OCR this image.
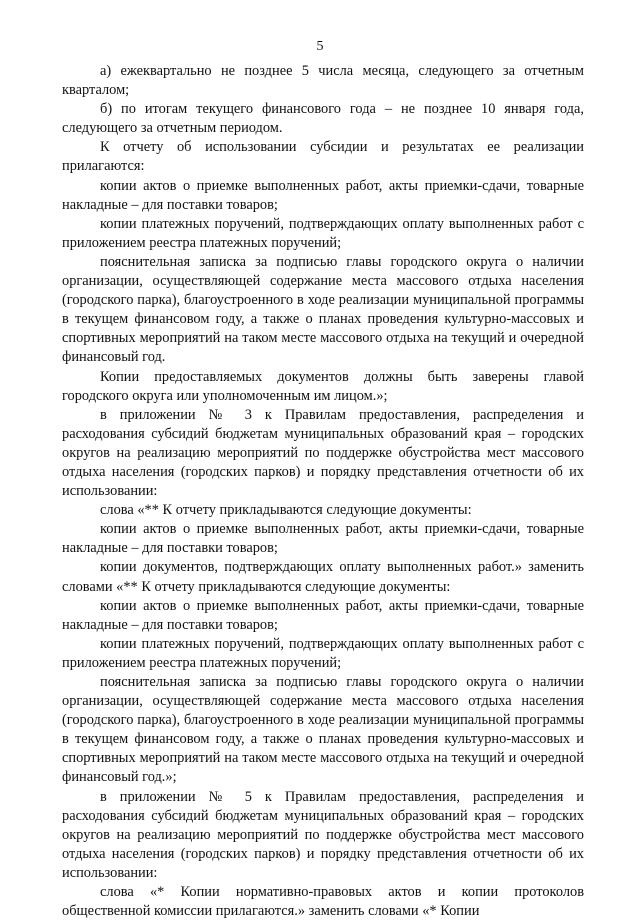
5

а) ежеквартально не позднее 5 числа месяца, следующего за отчетным кварталом;

б) по итогам текущего финансового года – не позднее 10 января года, следующего за отчетным периодом.

К отчету об использовании субсидии и результатах ее реализации прилагаются:

копии актов о приемке выполненных работ, акты приемки-сдачи, товарные накладные – для поставки товаров;

копии платежных поручений, подтверждающих оплату выполненных работ с приложением реестра платежных поручений;

пояснительная записка за подписью главы городского округа о наличии организации, осуществляющей содержание места массового отдыха населения (городского парка), благоустроенного в ходе реализации муниципальной программы в текущем финансовом году, а также о планах проведения культурно-массовых и спортивных мероприятий на таком месте массового отдыха на текущий и очередной финансовый год.

Копии предоставляемых документов должны быть заверены главой городского округа или уполномоченным им лицом.»;

в приложении № 3 к Правилам предоставления, распределения и расходования субсидий бюджетам муниципальных образований края – городских округов на реализацию мероприятий по поддержке обустройства мест массового отдыха населения (городских парков) и порядку представления отчетности об их использовании:

слова «** К отчету прикладываются следующие документы:

копии актов о приемке выполненных работ, акты приемки-сдачи, товарные накладные – для поставки товаров;

копии документов, подтверждающих оплату выполненных работ.» заменить словами «** К отчету прикладываются следующие документы:

копии актов о приемке выполненных работ, акты приемки-сдачи, товарные накладные – для поставки товаров;

копии платежных поручений, подтверждающих оплату выполненных работ с приложением реестра платежных поручений;

пояснительная записка за подписью главы городского округа о наличии организации, осуществляющей содержание места массового отдыха населения (городского парка), благоустроенного в ходе реализации муниципальной программы в текущем финансовом году, а также о планах проведения культурно-массовых и спортивных мероприятий на таком месте массового отдыха на текущий и очередной финансовый год.»;

в приложении № 5 к Правилам предоставления, распределения и расходования субсидий бюджетам муниципальных образований края – городских округов на реализацию мероприятий по поддержке обустройства мест массового отдыха населения (городских парков) и порядку представления отчетности об их использовании:

слова «* Копии нормативно-правовых актов и копии протоколов общественной комиссии прилагаются.» заменить словами «* Копии
